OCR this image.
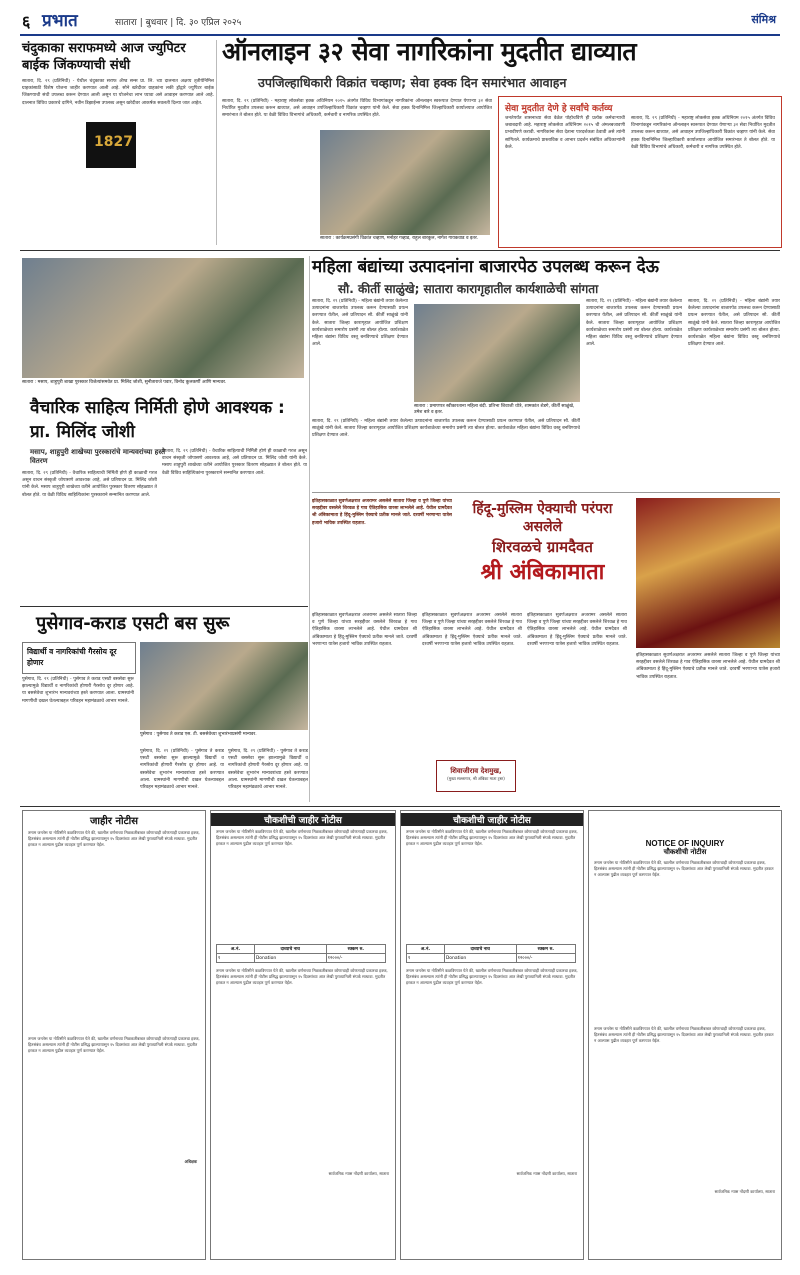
६ प्रभात	सातारा | बुधवार | दि. ३० एप्रिल २०२५	संमिश्र
चंदुकाका सराफमध्ये आज ज्युपिटर बाईक जिंकण्याची संधी	ऑनलाइन ३२ सेवा नागरिकांना मुदतीत द्याव्यात
उपजिल्हाधिकारी विक्रांत चव्हाण; सेवा हक्क दिन समारंभात आवाहन
सातारा, दि. २९ (प्रतिनिधी) - येथील चंदुकाका सराफ ॲण्ड सन्स प्रा. लि. च्या दालनात अक्षय्य तृतीयेनिमित्त ग्राहकांसाठी विशेष योजना जाहीर करण्यात आली आहे. सोने खरेदीवर ग्राहकांना लकी ड्रॉद्वारे ज्युपिटर बाईक जिंकण्याची संधी उपलब्ध करून देण्यात आली असून या योजनेचा लाभ घ्यावा असे आवाहन करण्यात आले आहे. दालनात विविध प्रकारचे दागिने, नवीन डिझाईन्स उपलब्ध असून खरेदीवर आकर्षक सवलती दिल्या जात आहेत.
1827
सातारा, दि. २९ (प्रतिनिधी) - महाराष्ट्र लोकसेवा हक्क अधिनियम २०१५ अंतर्गत विविध विभागांकडून नागरिकांना ऑनलाइन स्वरूपात देण्यात येणाऱ्या ३२ सेवा निर्धारित मुदतीत उपलब्ध करून द्याव्यात, असे आवाहन उपजिल्हाधिकारी विक्रांत चव्हाण यांनी केले. सेवा हक्क दिनानिमित्त जिल्हाधिकारी कार्यालयात आयोजित समारंभात ते बोलत होते. या वेळी विविध विभागांचे अधिकारी, कर्मचारी व नागरिक उपस्थित होते.
सातारा : कार्यक्रमप्रसंगी विक्रांत चव्हाण, मनोहर गव्हाड, राहुल बारकुल, नागेश गायकवाड व इतर.
सेवा मुदतीत देणे हे सर्वांचे कर्तव्य
जनतेपर्यंत शासनाच्या सेवा वेळेत पोहोचविणे ही प्रत्येक कर्मचाऱ्याची जबाबदारी आहे. महाराष्ट्र लोकसेवा अधिनियम २०१५ ची अंमलबजावणी प्रभावीपणे करावी. नागरिकांना सेवा देताना पारदर्शकता ठेवावी असे त्यांनी सांगितले. कार्यक्रमाचे प्रास्ताविक व आभार प्रदर्शन संबंधित अधिकाऱ्यांनी केले.
सातारा, दि. २९ (प्रतिनिधी) - महाराष्ट्र लोकसेवा हक्क अधिनियम २०१५ अंतर्गत विविध विभागांकडून नागरिकांना ऑनलाइन स्वरूपात देण्यात येणाऱ्या ३२ सेवा निर्धारित मुदतीत उपलब्ध करून द्याव्यात, असे आवाहन उपजिल्हाधिकारी विक्रांत चव्हाण यांनी केले. सेवा हक्क दिनानिमित्त जिल्हाधिकारी कार्यालयात आयोजित समारंभात ते बोलत होते. या वेळी विविध विभागांचे अधिकारी, कर्मचारी व नागरिक उपस्थित होते.
महिला बंद्यांच्या उत्पादनांना बाजारपेठ उपलब्ध करून देऊ
सौ. कीर्ती साळुंखे; सातारा कारागृहातील कार्यशाळेची सांगता
सातारा : मसाप, शाहुपुरी शाखा पुरस्कार विजेत्यांसमवेत प्रा. मिलिंद जोशी, सुनीताराजे पवार, विनोद कुलकर्णी आणि मान्यवर.
वैचारिक साहित्य निर्मिती होणे आवश्यक : प्रा. मिलिंद जोशी
मसाप, शाहुपुरी शाखेच्या पुरस्कारांचे मान्यवरांच्या हस्ते वितरण
सातारा, दि. २९ (प्रतिनिधी) - वैचारिक साहित्याची निर्मिती होणे ही काळाची गरज असून वाचन संस्कृती जोपासणे आवश्यक आहे, असे प्रतिपादन प्रा. मिलिंद जोशी यांनी केले. मसाप शाहुपुरी शाखेच्या वतीने आयोजित पुरस्कार वितरण सोहळ्यात ते बोलत होते. या वेळी विविध साहित्यिकांना पुरस्काराने सन्मानित करण्यात आले.
सातारा, दि. २९ (प्रतिनिधी) - वैचारिक साहित्याची निर्मिती होणे ही काळाची गरज असून वाचन संस्कृती जोपासणे आवश्यक आहे, असे प्रतिपादन प्रा. मिलिंद जोशी यांनी केले. मसाप शाहुपुरी शाखेच्या वतीने आयोजित पुरस्कार वितरण सोहळ्यात ते बोलत होते. या वेळी विविध साहित्यिकांना पुरस्काराने सन्मानित करण्यात आले.
सातारा, दि. २९ (प्रतिनिधी) - महिला बंद्यांनी तयार केलेल्या उत्पादनांना बाजारपेठ उपलब्ध करून देण्यासाठी प्रयत्न करण्यात येतील, असे प्रतिपादन सौ. कीर्ती साळुंखे यांनी केले. सातारा जिल्हा कारागृहात आयोजित प्रशिक्षण कार्यशाळेच्या समारोप प्रसंगी त्या बोलत होत्या. कार्यशाळेत महिला बंद्यांना विविध वस्तू बनविण्याचे प्रशिक्षण देण्यात आले.
सातारा : प्रमाणपत्र स्वीकारताना महिला बंदी. प्रतिभा शिवाजी धोत्रे, शामकांत शेडगे, कीर्ती साळुंखे, उमेश बारे व इतर.
सातारा, दि. २९ (प्रतिनिधी) - महिला बंद्यांनी तयार केलेल्या उत्पादनांना बाजारपेठ उपलब्ध करून देण्यासाठी प्रयत्न करण्यात येतील, असे प्रतिपादन सौ. कीर्ती साळुंखे यांनी केले. सातारा जिल्हा कारागृहात आयोजित प्रशिक्षण कार्यशाळेच्या समारोप प्रसंगी त्या बोलत होत्या. कार्यशाळेत महिला बंद्यांना विविध वस्तू बनविण्याचे प्रशिक्षण देण्यात आले.
सातारा, दि. २९ (प्रतिनिधी) - महिला बंद्यांनी तयार केलेल्या उत्पादनांना बाजारपेठ उपलब्ध करून देण्यासाठी प्रयत्न करण्यात येतील, असे प्रतिपादन सौ. कीर्ती साळुंखे यांनी केले. सातारा जिल्हा कारागृहात आयोजित प्रशिक्षण कार्यशाळेच्या समारोप प्रसंगी त्या बोलत होत्या. कार्यशाळेत महिला बंद्यांना विविध वस्तू बनविण्याचे प्रशिक्षण देण्यात आले.
सातारा, दि. २९ (प्रतिनिधी) - महिला बंद्यांनी तयार केलेल्या उत्पादनांना बाजारपेठ उपलब्ध करून देण्यासाठी प्रयत्न करण्यात येतील, असे प्रतिपादन सौ. कीर्ती साळुंखे यांनी केले. सातारा जिल्हा कारागृहात आयोजित प्रशिक्षण कार्यशाळेच्या समारोप प्रसंगी त्या बोलत होत्या. कार्यशाळेत महिला बंद्यांना विविध वस्तू बनविण्याचे प्रशिक्षण देण्यात आले.
इतिहासकाळात सुवर्णअक्षरात अजरामर असलेले सातारा जिल्हा व पुणे जिल्हा यांच्या सरहद्दीवर वसलेले शिरवळ हे गाव ऐतिहासिक वारसा लाभलेले आहे. येथील ग्रामदैवत श्री अंबिकामाता हे हिंदू-मुस्लिम ऐक्याचे प्रतीक मानले जाते. दरवर्षी भरणाऱ्या यात्रेस हजारो भाविक उपस्थित राहतात.
हिंदू-मुस्लिम ऐक्याची परंपरा असलेले
शिरवळचे ग्रामदैवत
श्री अंबिकामाता
इतिहासकाळात सुवर्णअक्षरात अजरामर असलेले सातारा जिल्हा व पुणे जिल्हा यांच्या सरहद्दीवर वसलेले शिरवळ हे गाव ऐतिहासिक वारसा लाभलेले आहे. येथील ग्रामदैवत श्री अंबिकामाता हे हिंदू-मुस्लिम ऐक्याचे प्रतीक मानले जाते. दरवर्षी भरणाऱ्या यात्रेस हजारो भाविक उपस्थित राहतात.
इतिहासकाळात सुवर्णअक्षरात अजरामर असलेले सातारा जिल्हा व पुणे जिल्हा यांच्या सरहद्दीवर वसलेले शिरवळ हे गाव ऐतिहासिक वारसा लाभलेले आहे. येथील ग्रामदैवत श्री अंबिकामाता हे हिंदू-मुस्लिम ऐक्याचे प्रतीक मानले जाते. दरवर्षी भरणाऱ्या यात्रेस हजारो भाविक उपस्थित राहतात.
इतिहासकाळात सुवर्णअक्षरात अजरामर असलेले सातारा जिल्हा व पुणे जिल्हा यांच्या सरहद्दीवर वसलेले शिरवळ हे गाव ऐतिहासिक वारसा लाभलेले आहे. येथील ग्रामदैवत श्री अंबिकामाता हे हिंदू-मुस्लिम ऐक्याचे प्रतीक मानले जाते. दरवर्षी भरणाऱ्या यात्रेस हजारो भाविक उपस्थित राहतात.
इतिहासकाळात सुवर्णअक्षरात अजरामर असलेले सातारा जिल्हा व पुणे जिल्हा यांच्या सरहद्दीवर वसलेले शिरवळ हे गाव ऐतिहासिक वारसा लाभलेले आहे. येथील ग्रामदैवत श्री अंबिकामाता हे हिंदू-मुस्लिम ऐक्याचे प्रतीक मानले जाते. दरवर्षी भरणाऱ्या यात्रेस हजारो भाविक उपस्थित राहतात.
शिवाजीराव देशमुख,
(मुख्य सल्लागार, श्री अंबिका माता ट्रस्ट)
पुसेगाव-कराड एसटी बस सुरू
विद्यार्थी व नागरिकांची गैरसोय दूर होणार
पुसेगाव : पुसेगाव ते कराड एस. टी. बससेवेच्या शुभारंभाप्रसंगी मान्यवर.
पुसेगाव, दि. २९ (प्रतिनिधी) - पुसेगाव ते कराड एसटी बससेवा सुरू झाल्यामुळे विद्यार्थी व नागरिकांची होणारी गैरसोय दूर होणार आहे. या बससेवेचा शुभारंभ मान्यवरांच्या हस्ते करण्यात आला. ग्रामस्थांनी मागणीची दखल घेतल्याबद्दल परिवहन महामंडळाचे आभार मानले.
पुसेगाव, दि. २९ (प्रतिनिधी) - पुसेगाव ते कराड एसटी बससेवा सुरू झाल्यामुळे विद्यार्थी व नागरिकांची होणारी गैरसोय दूर होणार आहे. या बससेवेचा शुभारंभ मान्यवरांच्या हस्ते करण्यात आला. ग्रामस्थांनी मागणीची दखल घेतल्याबद्दल परिवहन महामंडळाचे आभार मानले.
पुसेगाव, दि. २९ (प्रतिनिधी) - पुसेगाव ते कराड एसटी बससेवा सुरू झाल्यामुळे विद्यार्थी व नागरिकांची होणारी गैरसोय दूर होणार आहे. या बससेवेचा शुभारंभ मान्यवरांच्या हस्ते करण्यात आला. ग्रामस्थांनी मागणीची दखल घेतल्याबद्दल परिवहन महामंडळाचे आभार मानले.
जाहीर नोटीस
तमाम जनतेस या नोटिसीने कळविण्यात येते की, खालील वर्णनाच्या मिळकतीबाबत कोणाचाही कोणत्याही प्रकारचा हक्क, हितसंबंध असल्यास त्यांनी ही नोटीस प्रसिद्ध झाल्यापासून १५ दिवसांच्या आत लेखी पुराव्यानिशी संपर्क साधावा. मुदतीत हरकत न आल्यास पुढील व्यवहार पूर्ण करण्यात येईल.
तमाम जनतेस या नोटिसीने कळविण्यात येते की, खालील वर्णनाच्या मिळकतीबाबत कोणाचाही कोणत्याही प्रकारचा हक्क, हितसंबंध असल्यास त्यांनी ही नोटीस प्रसिद्ध झाल्यापासून १५ दिवसांच्या आत लेखी पुराव्यानिशी संपर्क साधावा. मुदतीत हरकत न आल्यास पुढील व्यवहार पूर्ण करण्यात येईल.
अधिक्षक
चौकशीची जाहीर नोटीस
तमाम जनतेस या नोटिसीने कळविण्यात येते की, खालील वर्णनाच्या मिळकतीबाबत कोणाचाही कोणत्याही प्रकारचा हक्क, हितसंबंध असल्यास त्यांनी ही नोटीस प्रसिद्ध झाल्यापासून १५ दिवसांच्या आत लेखी पुराव्यानिशी संपर्क साधावा. मुदतीत हरकत न आल्यास पुढील व्यवहार पूर्ण करण्यात येईल.
अ.नं.	दाव्याचे नाव	रक्कम रु.
१	Donation	१२०००/-
तमाम जनतेस या नोटिसीने कळविण्यात येते की, खालील वर्णनाच्या मिळकतीबाबत कोणाचाही कोणत्याही प्रकारचा हक्क, हितसंबंध असल्यास त्यांनी ही नोटीस प्रसिद्ध झाल्यापासून १५ दिवसांच्या आत लेखी पुराव्यानिशी संपर्क साधावा. मुदतीत हरकत न आल्यास पुढील व्यवहार पूर्ण करण्यात येईल.
सार्वजनिक न्यास नोंदणी कार्यालय, सातारा
चौकशीची जाहीर नोटीस
तमाम जनतेस या नोटिसीने कळविण्यात येते की, खालील वर्णनाच्या मिळकतीबाबत कोणाचाही कोणत्याही प्रकारचा हक्क, हितसंबंध असल्यास त्यांनी ही नोटीस प्रसिद्ध झाल्यापासून १५ दिवसांच्या आत लेखी पुराव्यानिशी संपर्क साधावा. मुदतीत हरकत न आल्यास पुढील व्यवहार पूर्ण करण्यात येईल.
अ.नं.	दाव्याचे नाव	रक्कम रु.
१	Donation	१२०००/-
तमाम जनतेस या नोटिसीने कळविण्यात येते की, खालील वर्णनाच्या मिळकतीबाबत कोणाचाही कोणत्याही प्रकारचा हक्क, हितसंबंध असल्यास त्यांनी ही नोटीस प्रसिद्ध झाल्यापासून १५ दिवसांच्या आत लेखी पुराव्यानिशी संपर्क साधावा. मुदतीत हरकत न आल्यास पुढील व्यवहार पूर्ण करण्यात येईल.
सार्वजनिक न्यास नोंदणी कार्यालय, सातारा
NOTICE OF INQUIRY
चौकशीची नोटीस
तमाम जनतेस या नोटिसीने कळविण्यात येते की, खालील वर्णनाच्या मिळकतीबाबत कोणाचाही कोणत्याही प्रकारचा हक्क, हितसंबंध असल्यास त्यांनी ही नोटीस प्रसिद्ध झाल्यापासून १५ दिवसांच्या आत लेखी पुराव्यानिशी संपर्क साधावा. मुदतीत हरकत न आल्यास पुढील व्यवहार पूर्ण करण्यात येईल.
तमाम जनतेस या नोटिसीने कळविण्यात येते की, खालील वर्णनाच्या मिळकतीबाबत कोणाचाही कोणत्याही प्रकारचा हक्क, हितसंबंध असल्यास त्यांनी ही नोटीस प्रसिद्ध झाल्यापासून १५ दिवसांच्या आत लेखी पुराव्यानिशी संपर्क साधावा. मुदतीत हरकत न आल्यास पुढील व्यवहार पूर्ण करण्यात येईल.
सार्वजनिक न्यास नोंदणी कार्यालय, सातारा
